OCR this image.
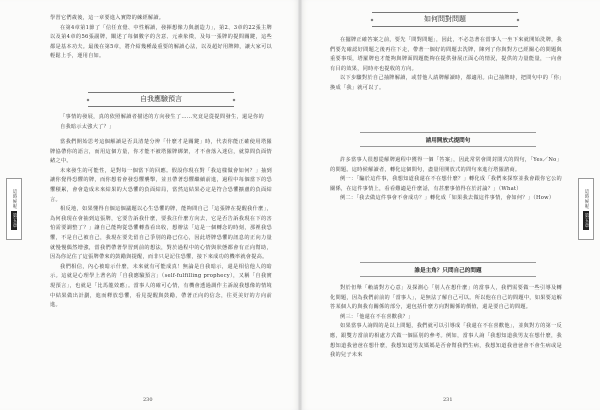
學習它們歲後，這一章要進入實際的練經解讀。

在第4章第1節了「信任直覺、中性解讀，發揮想像力與創造力」，第2、3章的22張主牌以及第4章的56張副牌，闡述了每個數字的含意、元素象徵，及每一張牌的提問關鍵，這些都是基本功夫。最後在第5章，將介紹幾種最重要的解讀心法，以及超好用牌陣，讓大家可以輕鬆上手，運用自如。

自我應驗預言
「事情的發展，真的依照解讀者描述的方向發生了……究竟是從提問發生，還是你的自我暗示太強大了？」

當我們開始思考這個解讀是否具清楚分辨「什麼才是關鍵」時，代表你能正確使用塔羅牌協帶你的語言，而用這個方量，你才能不被塔羅牌綁架，才不會落入迷信，就算問負面情緒之中。

未來發生的可能性，是對每一個當下的回應。假設你現在對「我這樣做會如何？」抽到讓你覺得恐懼的牌，而你想着會發恐懼襲擊，並且帶著恐懼繼續前進，過程中每個當下的恐懼積累，會會造成未來結果的大恐懼的負面結局，當然這結果必定是符合恐懼擴慮的負面結言。

相反地，如果懂得自個這個議題以心生恐懼的牌，能夠問自己「這張牌在提醒我什麼」，為何我現在會抽到這張牌，它要告訴我什麼，要我注什麼方向去，它是否告訴我現在下的害怕需要調整了？」讓自己能夠從恐懼轉蒸看出收，想辦法「這是一個轉念的時刻，那裡我恐懼，不是自己被自己，我現在要先留自己爭別的路已位心，因此塔牌恐懼的訊息的正向力量就慢慢偶然增強，當我們帶著學習到前的想法，對於過程中的心情與狀態都會有正向幫助，因為你記住了這張牌帶來的鼓勵與提醒，而非只是記住恐懼，接下來成功的機率就會提高。

我們相信，內心被暗示什麼，未來就有可能成真！無論是自我暗示，還是相信他人的暗示。這就是心理學上著名的「自我應驗預言」（self-fulfilling prophecy），又稱「自我實現預言」，也就是「比馬龍效應」。當事人的確可心情，有機會透過調作主訴說我想像的情境中結果做出計劃，進而釋放恐懼，看見提醒與鼓勵，帶著正向的信念，往更美好的方向前進。

這時候呢
第五章
230
如何問對問題

在擺牌正確答案之前，要先「問對問題」，因此，不必急著在當事人一坐下來就開始洗牌，我們要先確認好問題之後再往下走，帶著一個好的問題去洗牌，陳列了你與對方已經關心的問題與重要事項，塔羅牌也才能夠與牌面問題能夠在提供發展正面心的情況，提供的力量能量，一向會有目的效果，同時亦也提收的方向。

以下步驟對於自己抽牌解讀，或替他人請牌解讀時，都適用。由己抽牌時，把問句中的「你」換成「我」就可以了。

請用開放式提問句

許多當事人很想從解牌過程中獲得一個「答案」，因此常常會問封閉式的問句，「Yes／No」的問題。這時候解讀者，轉化這個問句，盡量用開放式的問句來進行塔羅諮商。

例一：「騙於這件事，我想知道我還在不在想什麼？」轉化成「我們來探察並我會跟你它公的關係，在這件事情上，看看難適是什麼話，有甚麼事值得在於討論？」（What）

例二：「我去做這件事會不會成功？」轉化成「如果我去做這件事情，會如何？」（How）

誰是主角？只問自己的問題

對於但舉「賴請對方心意」及探測心「別人在想什麼」的當事人，我們需要做一些引導及轉化問題，因為我們前前的「當事人」，是無法了解自己可以。所以他在自己的問題中，如果要這解答某個人的與我有關係的部分，還包括什麼方向對關係的價值，還是要自己的問題。

例三：「他還在不在喜歡我？」

如果當事人詢問的是以上問題，我們就可以引導成「我還在不在喜歡他」，並與對方的第一反應，跟雙方當前的相處方式做一個區別的參考。例如，當事人詢「我想知道我男友在想什麼，我想知道我爸爸在想什麼，我想知道男友媽媽是否會幫我們生病，我想知道我爸爸會不會生病或是我的兒子未來

這時候呢
第五章
231
